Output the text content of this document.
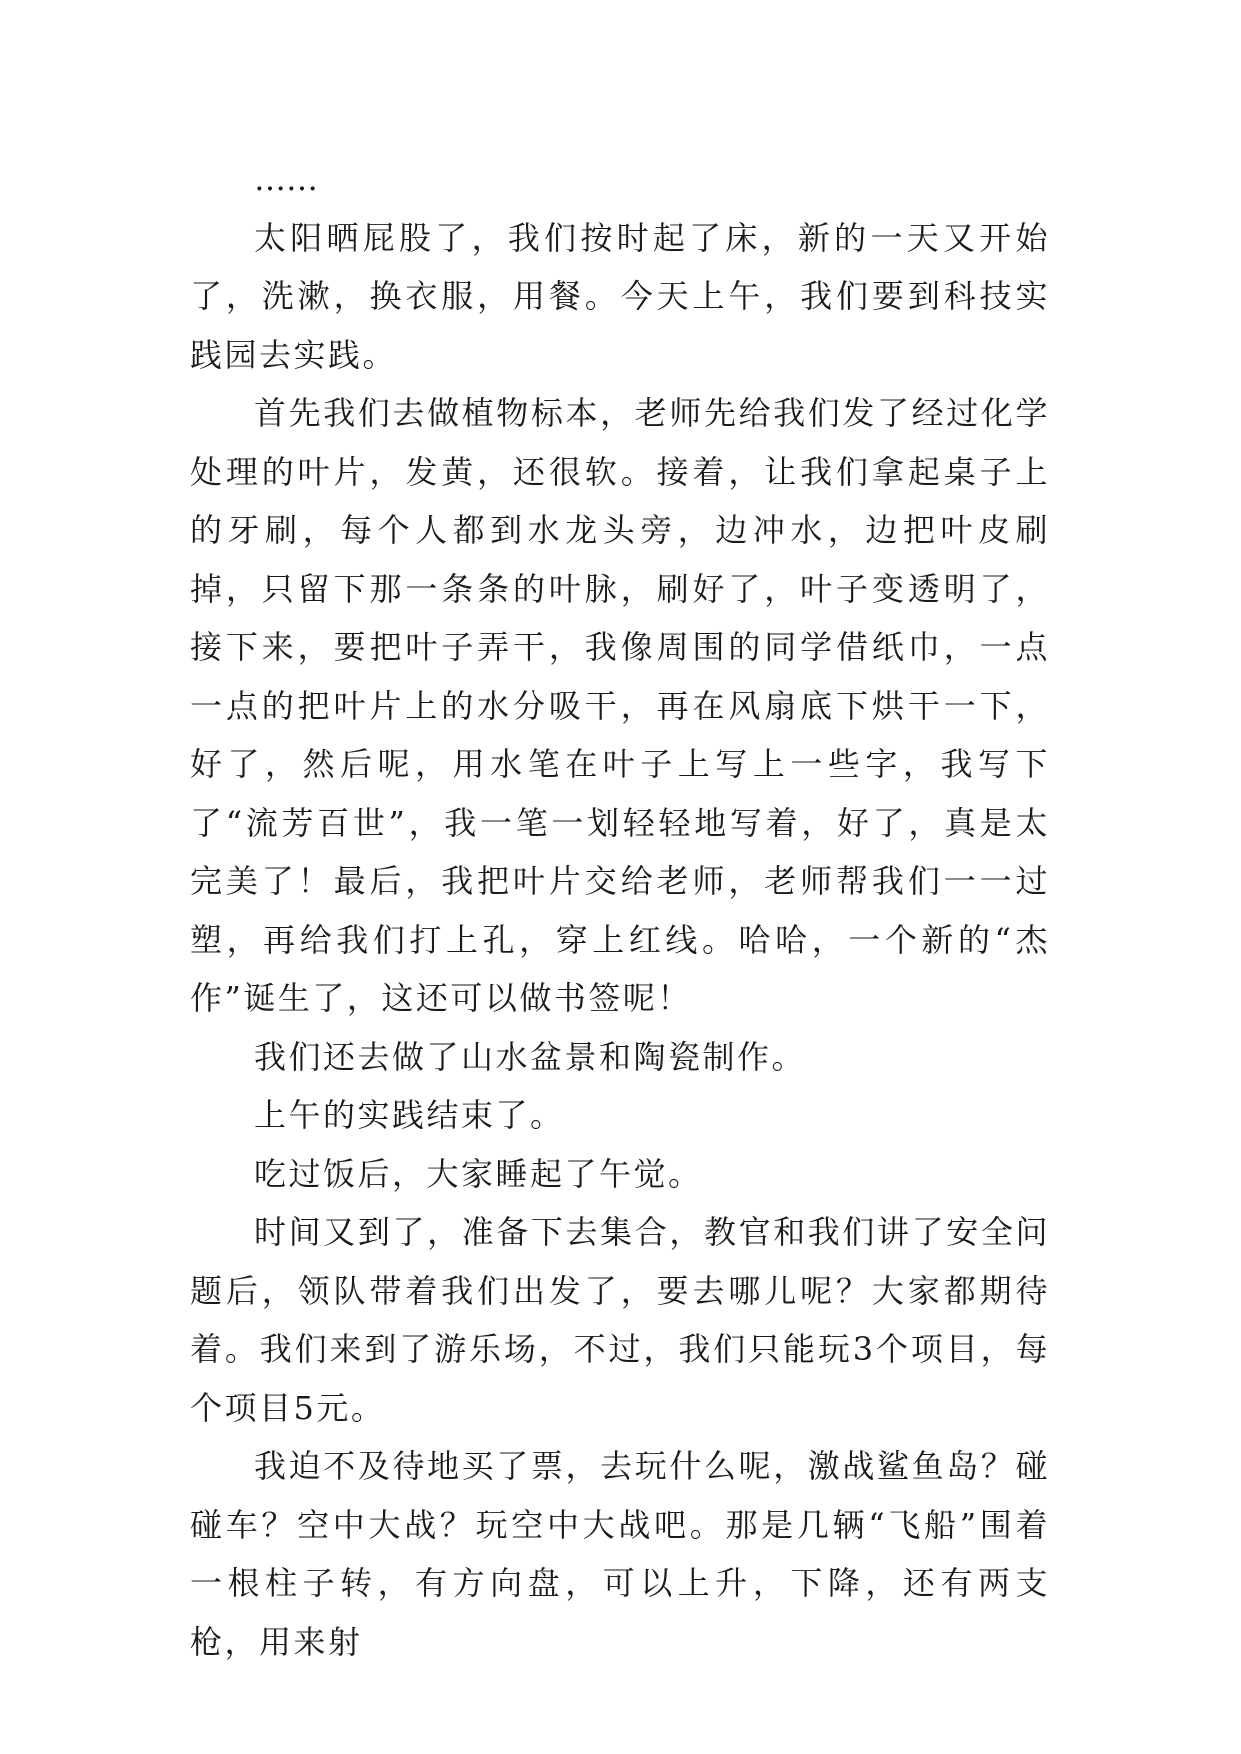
……

太阳晒屁股了，我们按时起了床，新的一天又开始了，洗漱，换衣服，用餐。今天上午，我们要到科技实践园去实践。

首先我们去做植物标本，老师先给我们发了经过化学处理的叶片，发黄，还很软。接着，让我们拿起桌子上的牙刷，每个人都到水龙头旁，边冲水，边把叶皮刷掉，只留下那一条条的叶脉，刷好了，叶子变透明了，接下来，要把叶子弄干，我像周围的同学借纸巾，一点一点的把叶片上的水分吸干，再在风扇底下烘干一下，好了，然后呢，用水笔在叶子上写上一些字，我写下了“流芳百世”，我一笔一划轻轻地写着，好了，真是太完美了！最后，我把叶片交给老师，老师帮我们一一过塑，再给我们打上孔，穿上红线。哈哈，一个新的“杰作”诞生了，这还可以做书签呢！

我们还去做了山水盆景和陶瓷制作。

上午的实践结束了。

吃过饭后，大家睡起了午觉。

时间又到了，准备下去集合，教官和我们讲了安全问题后，领队带着我们出发了，要去哪儿呢？大家都期待着。我们来到了游乐场，不过，我们只能玩3个项目，每个项目5元。

我迫不及待地买了票，去玩什么呢，激战鲨鱼岛？碰碰车？空中大战？玩空中大战吧。那是几辆“飞船”围着一根柱子转，有方向盘，可以上升，下降，还有两支枪，用来射
